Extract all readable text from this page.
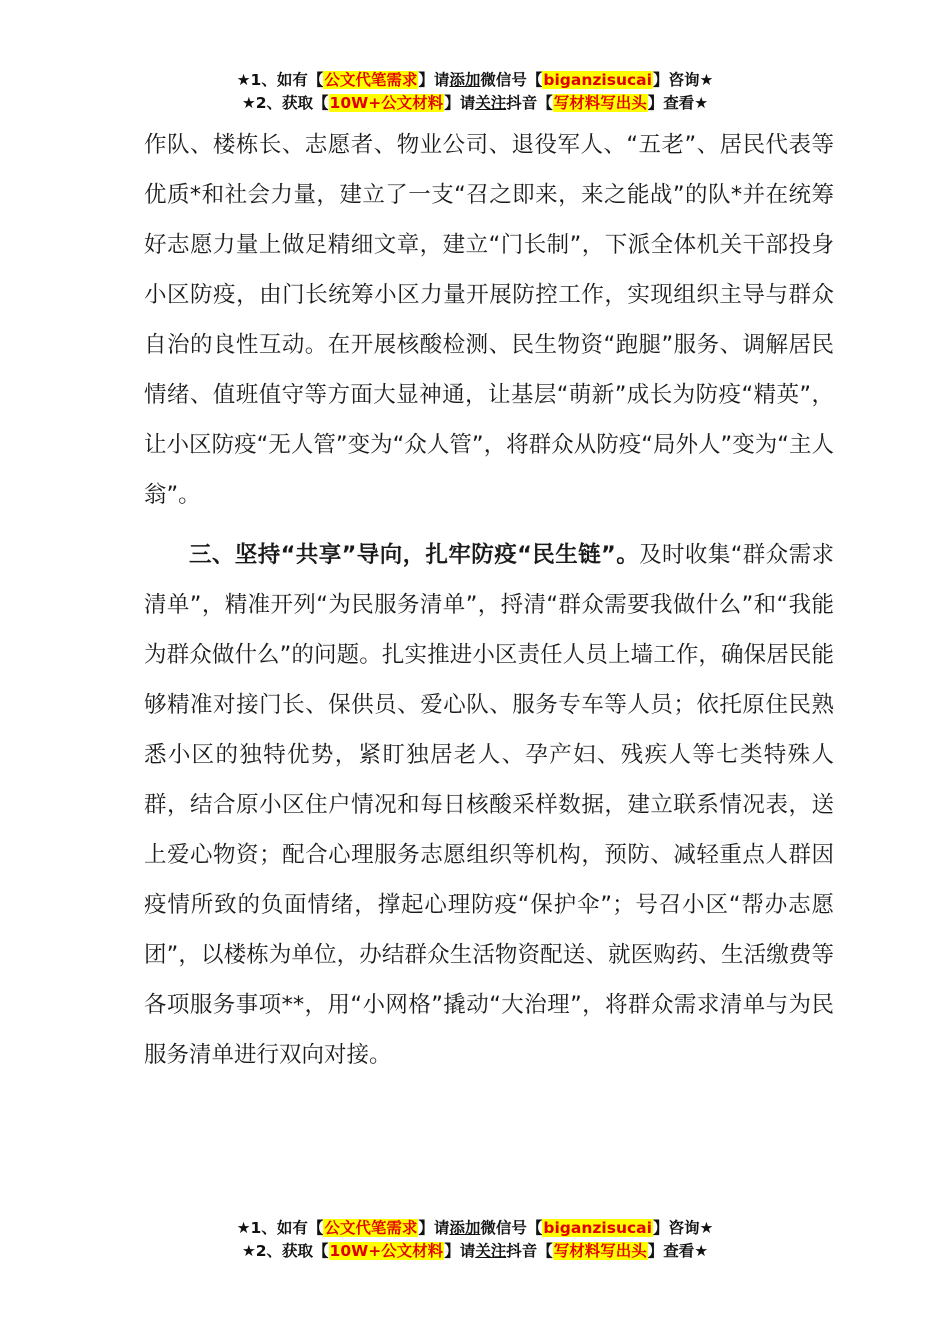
★1、如有【公文代笔需求】请添加微信号【biganzisucai】咨询★
★2、获取【10W+公文材料】请关注抖音【写材料写出头】查看★

作队、楼栋长、志愿者、物业公司、退役军人、“五老”、居民代表等优质*和社会力量，建立了一支“召之即来，来之能战”的队*并在统筹好志愿力量上做足精细文章，建立“门长制”，下派全体机关干部投身小区防疫，由门长统筹小区力量开展防控工作，实现组织主导与群众自治的良性互动。在开展核酸检测、民生物资“跑腿”服务、调解居民情绪、值班值守等方面大显神通，让基层“萌新”成长为防疫“精英”，让小区防疫“无人管”变为“众人管”，将群众从防疫“局外人”变为“主人翁”。

三、坚持“共享”导向，扎牢防疫“民生链”。及时收集“群众需求清单”，精准开列“为民服务清单”，捋清“群众需要我做什么”和“我能为群众做什么”的问题。扎实推进小区责任人员上墙工作，确保居民能够精准对接门长、保供员、爱心队、服务专车等人员；依托原住民熟悉小区的独特优势，紧盯独居老人、孕产妇、残疾人等七类特殊人群，结合原小区住户情况和每日核酸采样数据，建立联系情况表，送上爱心物资；配合心理服务志愿组织等机构，预防、减轻重点人群因疫情所致的负面情绪，撑起心理防疫“保护伞”；号召小区“帮办志愿团”，以楼栋为单位，办结群众生活物资配送、就医购药、生活缴费等各项服务事项**，用“小网格”撬动“大治理”，将群众需求清单与为民服务清单进行双向对接。

★1、如有【公文代笔需求】请添加微信号【biganzisucai】咨询★
★2、获取【10W+公文材料】请关注抖音【写材料写出头】查看★
